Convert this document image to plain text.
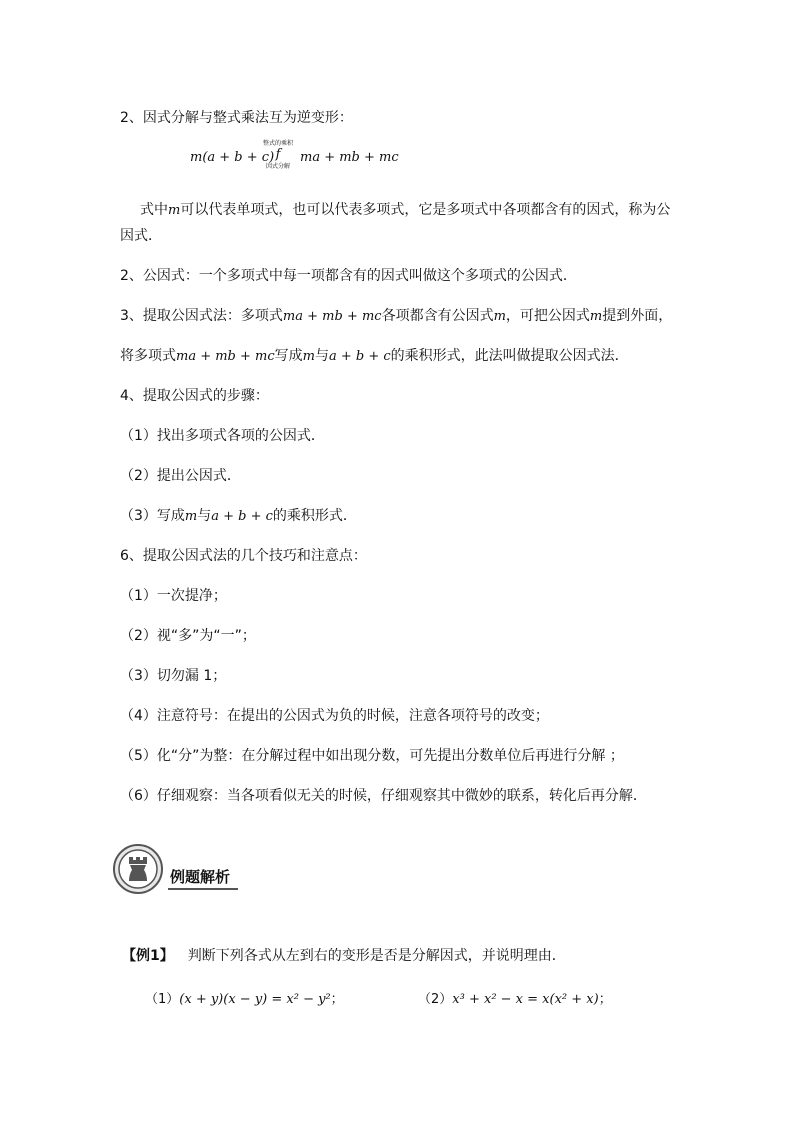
2、因式分解与整式乘法互为逆变形：
m(a + b + c)
整式的乘积
f
因式分解
ma + mb + mc
式中m可以代表单项式，也可以代表多项式，它是多项式中各项都含有的因式，称为公
因式．
2、公因式：一个多项式中每一项都含有的因式叫做这个多项式的公因式．
3、提取公因式法：多项式ma + mb + mc各项都含有公因式m，可把公因式m提到外面，
将多项式ma + mb + mc写成m与a + b + c的乘积形式，此法叫做提取公因式法．
4、提取公因式的步骤：
（1）找出多项式各项的公因式．
（2）提出公因式．
（3）写成m与a + b + c的乘积形式．
6、提取公因式法的几个技巧和注意点：
（1）一次提净；
（2）视“多”为“一”；
（3）切勿漏 1；
（4）注意符号：在提出的公因式为负的时候，注意各项符号的改变；
（5）化“分”为整：在分解过程中如出现分数，可先提出分数单位后再进行分解 ；
（6）仔细观察：当各项看似无关的时候，仔细观察其中微妙的联系，转化后再分解．
例题解析
【例1】 判断下列各式从左到右的变形是否是分解因式，并说明理由．
（1）(x + y)(x − y) = x² − y²；	（2）x³ + x² − x = x(x² + x)；
